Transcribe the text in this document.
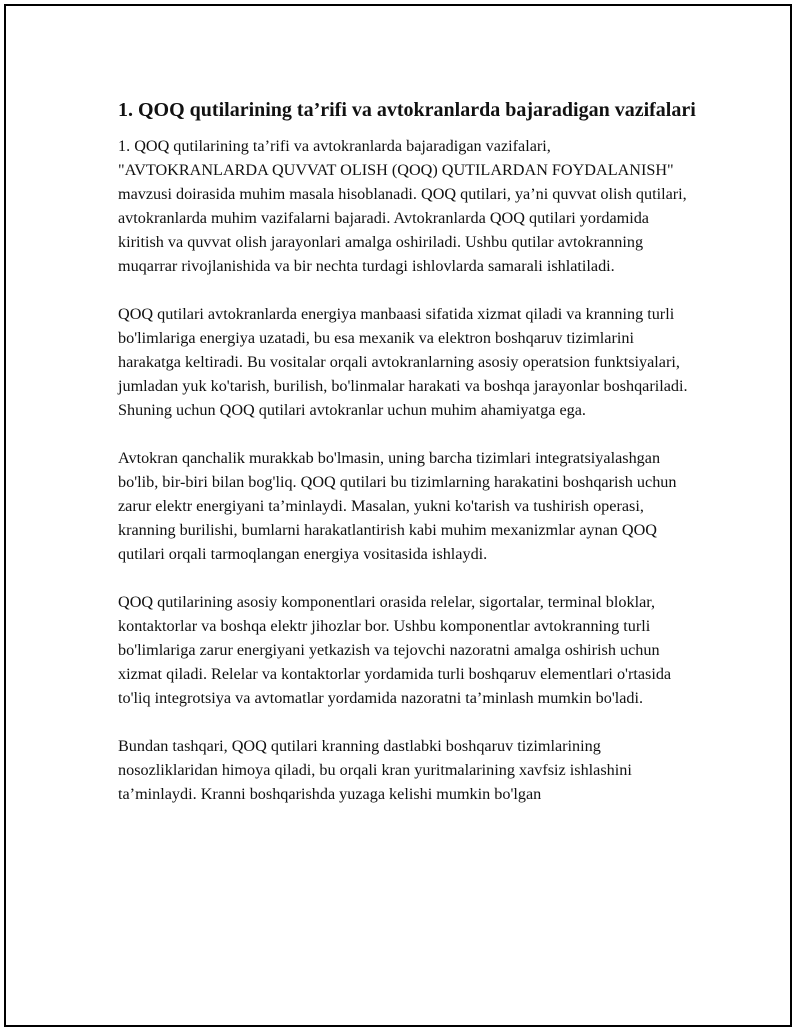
1. QOQ qutilarining ta’rifi va avtokranlarda bajaradigan vazifalari

1. QOQ qutilarining ta’rifi va avtokranlarda bajaradigan vazifalari, "AVTOKRANLARDA QUVVAT OLISH (QOQ) QUTILARDAN FOYDALANISH" mavzusi doirasida muhim masala hisoblanadi. QOQ qutilari, ya’ni quvvat olish qutilari, avtokranlarda muhim vazifalarni bajaradi. Avtokranlarda QOQ qutilari yordamida kiritish va quvvat olish jarayonlari amalga oshiriladi. Ushbu qutilar avtokranning muqarrar rivojlanishida va bir nechta turdagi ishlovlarda samarali ishlatiladi.

QOQ qutilari avtokranlarda energiya manbaasi sifatida xizmat qiladi va kranning turli bo'limlariga energiya uzatadi, bu esa mexanik va elektron boshqaruv tizimlarini harakatga keltiradi. Bu vositalar orqali avtokranlarning asosiy operatsion funktsiyalari, jumladan yuk ko'tarish, burilish, bo'linmalar harakati va boshqa jarayonlar boshqariladi. Shuning uchun QOQ qutilari avtokranlar uchun muhim ahamiyatga ega.

Avtokran qanchalik murakkab bo'lmasin, uning barcha tizimlari integratsiyalashgan bo'lib, bir-biri bilan bog'liq. QOQ qutilari bu tizimlarning harakatini boshqarish uchun zarur elektr energiyani ta’minlaydi. Masalan, yukni ko'tarish va tushirish operasi, kranning burilishi, bumlarni harakatlantirish kabi muhim mexanizmlar aynan QOQ qutilari orqali tarmoqlangan energiya vositasida ishlaydi.

QOQ qutilarining asosiy komponentlari orasida relelar, sigortalar, terminal bloklar, kontaktorlar va boshqa elektr jihozlar bor. Ushbu komponentlar avtokranning turli bo'limlariga zarur energiyani yetkazish va tejovchi nazoratni amalga oshirish uchun xizmat qiladi. Relelar va kontaktorlar yordamida turli boshqaruv elementlari o'rtasida to'liq integrotsiya va avtomatlar yordamida nazoratni ta’minlash mumkin bo'ladi.

Bundan tashqari, QOQ qutilari kranning dastlabki boshqaruv tizimlarining nosozliklaridan himoya qiladi, bu orqali kran yuritmalarining xavfsiz ishlashini ta’minlaydi. Kranni boshqarishda yuzaga kelishi mumkin bo'lgan
